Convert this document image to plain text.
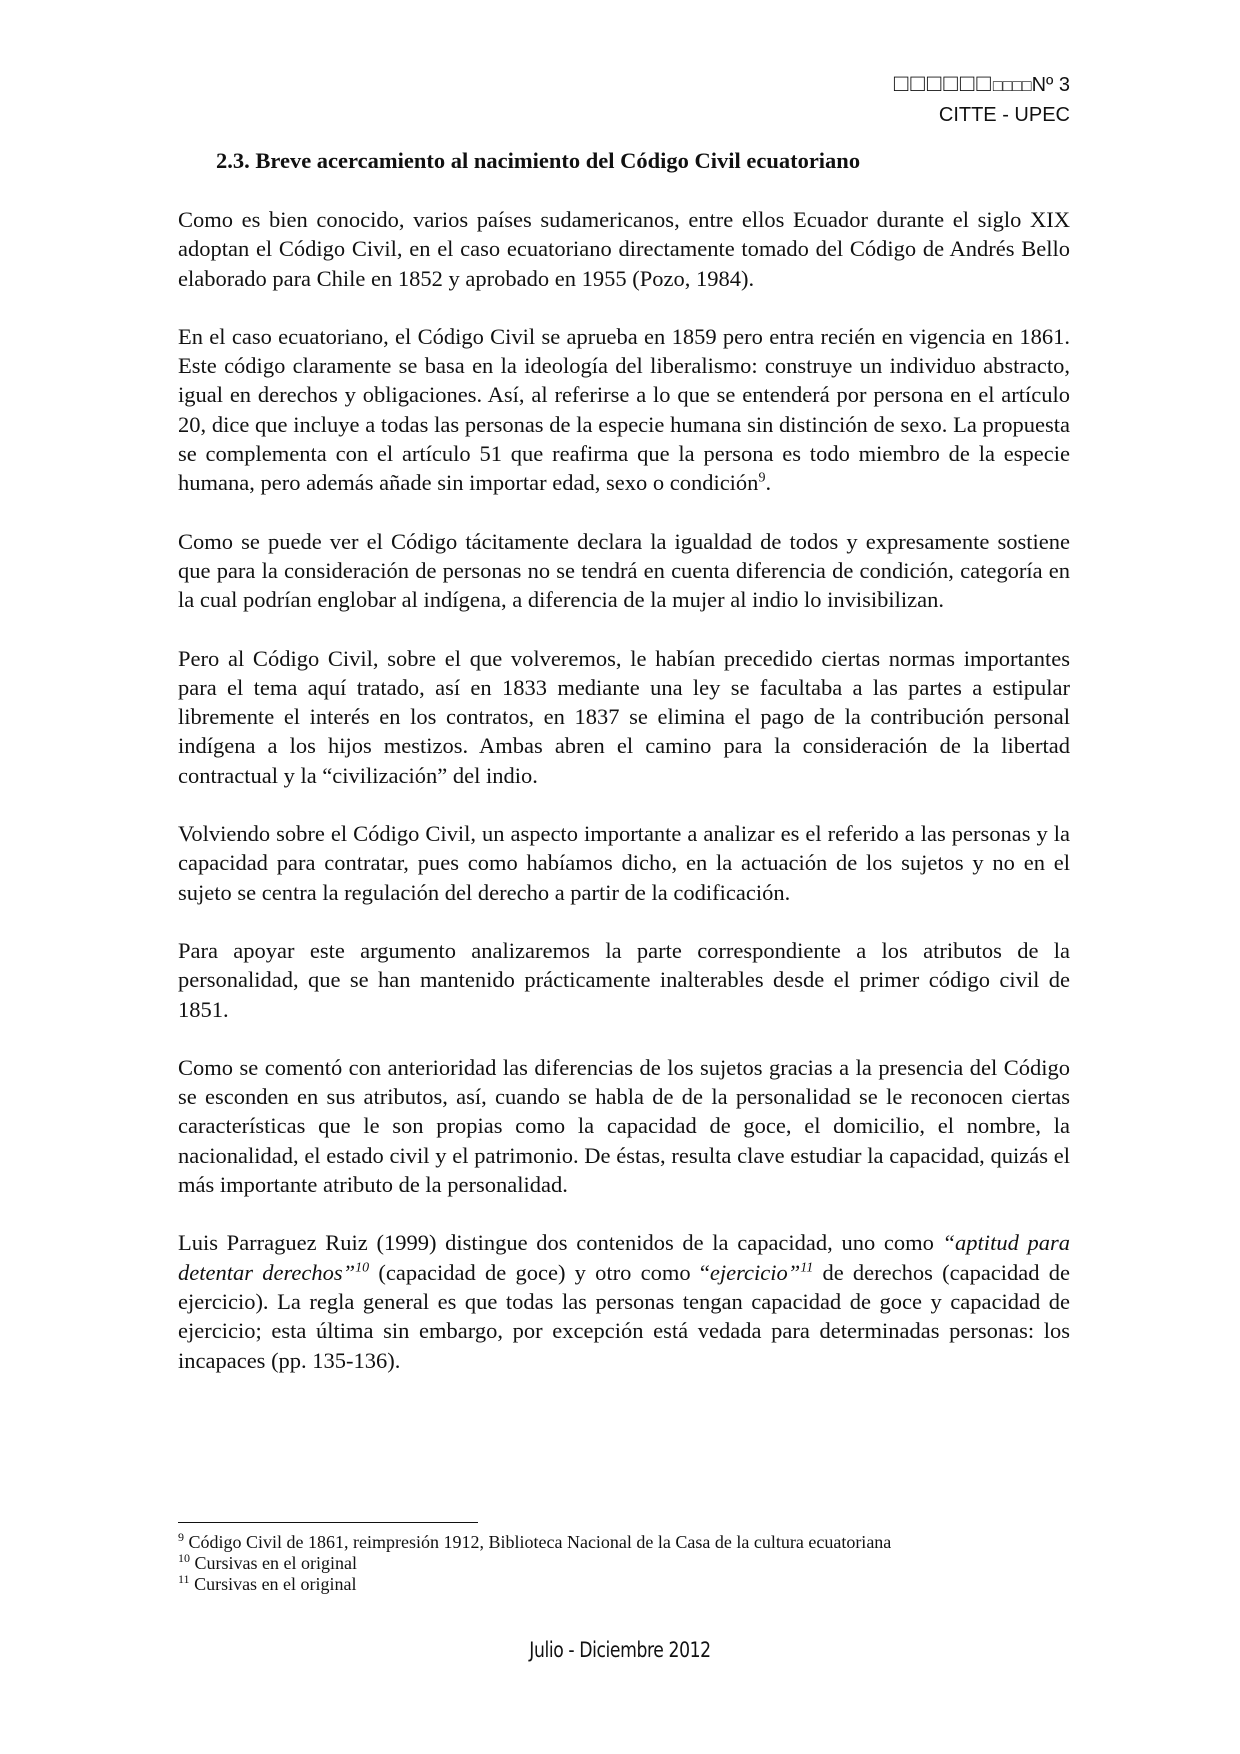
□□□□□□□□□□Nº 3
CITTE - UPEC
2.3. Breve acercamiento al nacimiento del Código Civil ecuatoriano

Como es bien conocido, varios países sudamericanos, entre ellos Ecuador durante el siglo XIX adoptan el Código Civil, en el caso ecuatoriano directamente tomado del Código de Andrés Bello elaborado para Chile en 1852 y aprobado en 1955 (Pozo, 1984).

En el caso ecuatoriano, el Código Civil se aprueba en 1859 pero entra recién en vigencia en 1861. Este código claramente se basa en la ideología del liberalismo: construye un individuo abstracto, igual en derechos y obligaciones. Así, al referirse a lo que se entenderá por persona en el artículo 20, dice que incluye a todas las personas de la especie humana sin distinción de sexo. La propuesta se complementa con el artículo 51 que reafirma que la persona es todo miembro de la especie humana, pero además añade sin importar edad, sexo o condición$^9$.

Como se puede ver el Código tácitamente declara la igualdad de todos y expresamente sostiene que para la consideración de personas no se tendrá en cuenta diferencia de condición, categoría en la cual podrían englobar al indígena, a diferencia de la mujer al indio lo invisibilizan.

Pero al Código Civil, sobre el que volveremos, le habían precedido ciertas normas importantes para el tema aquí tratado, así en 1833 mediante una ley se facultaba a las partes a estipular libremente el interés en los contratos, en 1837 se elimina el pago de la contribución personal indígena a los hijos mestizos. Ambas abren el camino para la consideración de la libertad contractual y la “civilización” del indio.

Volviendo sobre el Código Civil, un aspecto importante a analizar es el referido a las personas y la capacidad para contratar, pues como habíamos dicho, en la actuación de los sujetos y no en el sujeto se centra la regulación del derecho a partir de la codificación.

Para apoyar este argumento analizaremos la parte correspondiente a los atributos de la personalidad, que se han mantenido prácticamente inalterables desde el primer código civil de 1851.

Como se comentó con anterioridad las diferencias de los sujetos gracias a la presencia del Código se esconden en sus atributos, así, cuando se habla de de la personalidad se le reconocen ciertas características que le son propias como la capacidad de goce, el domicilio, el nombre, la nacionalidad, el estado civil y el patrimonio. De éstas, resulta clave estudiar la capacidad, quizás el más importante atributo de la personalidad.

Luis Parraguez Ruiz (1999) distingue dos contenidos de la capacidad, uno como “aptitud para detentar derechos”$^{10}$ (capacidad de goce) y otro como “ejercicio”$^{11}$ de derechos (capacidad de ejercicio). La regla general es que todas las personas tengan capacidad de goce y capacidad de ejercicio; esta última sin embargo, por excepción está vedada para determinadas personas: los incapaces (pp. 135-136).

$^9$ Código Civil de 1861, reimpresión 1912, Biblioteca Nacional de la Casa de la cultura ecuatoriana
$^{10}$ Cursivas en el original
$^{11}$ Cursivas en el original
Julio - Diciembre 2012
